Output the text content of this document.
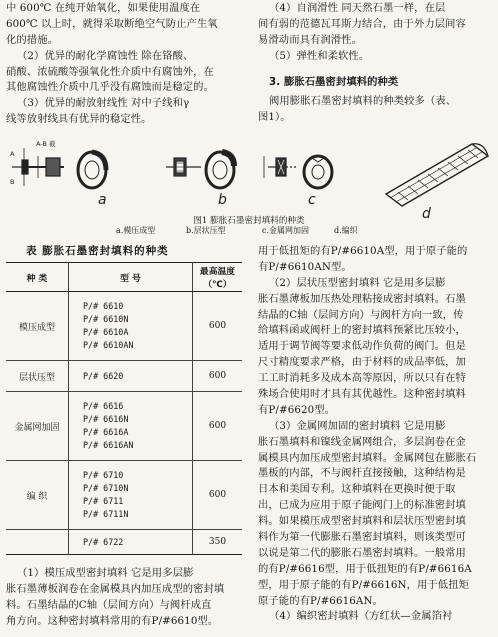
中 600℃ 在纯开始氧化，如果使用温度在
600℃ 以上时，就得采取断绝空气防止产生氧
化的措施。
（2）优异的耐化学腐蚀性 除在铬酸、
硝酸、浓硫酸等强氧化性介质中有腐蚀外，在
其他腐蚀性介质中几乎没有腐蚀而是稳定的。
（3）优异的耐放射线性 对中子线和γ
线等放射线具有优异的稳定性。
（4）自润滑性 同天然石墨一样，在层
间有弱的范德瓦耳斯力结合，由于外力层间容
易滑动而具有润滑性。
（5）弹性和柔软性。
3. 膨胀石墨密封填料的种类
阀用膨胀石墨密封填料的种类较多（表、
图1）。
A-B 截
A
B
a	b	c
d
图1 膨胀石墨密封填料的种类
a.模压成型	b.层状压型	c.金属网加固	d.编织
表 膨胀石墨密封填料的种类
种 类	型 号	最高温度（℃）
模压成型	P/# 6610
P/# 6610N
P/# 6610A
P/# 6610AN	600
层状压型	P/# 6620	600
金属网加固	P/# 6616
P/# 6616N
P/# 6616A
P/# 6616AN	600
编 织	P/# 6710
P/# 6710N
P/# 6711
P/# 6711N	600

	P/# 6722	350
（1）模压成型密封填料 它是用多层膨
胀石墨薄板润卷在金属模具内加压成型的密封填
料。石墨结晶的C轴（层间方向）与阀杆成直
角方向。这种密封填料常用的有P/#6610型。
用于低扭矩的有P/#6610A型，用于原子能的
有P/#6610AN型。
（2）层状压型密封填料 它是用多层膨
胀石墨薄板加压热处理粘接成密封填料。石墨
结晶的C轴（层间方向）与阀杆方向一致，传
给填料函或阀杆上的密封填料预紧比压较小，
适用于调节阀等要求低动作负荷的阀门。但是
尺寸精度要求严格，由于材料的成品率低，加
工工时消耗多及成本高等原因，所以只有在特
殊场合使用时才具有其优越性。这种密封填料
有P/#6620型。
（3）金属网加固的密封填料 它是用膨
胀石墨填料和镍线金属网组合，多层润卷在金
属模具内加压成型密封填料。金属网包在膨胀石
墨板的内部，不与阀杆直接接触，这种结构是
日本和美国专利。这种填料在更换时便于取
出，已成为应用于原子能阀门上的标准密封填
料。如果模压成型密封填料和层状压型密封填
料作为第一代膨胀石墨密封填料，则该类型可
以说是第二代的膨胀石墨密封填料。一般常用
的有P/#6616型，用于低扭矩的有P/#6616A
型，用于原子能的有P/#6616N，用于低扭矩
原子能的有P/#6616AN。
（4）编织密封填料（方红状—金属箔衬
